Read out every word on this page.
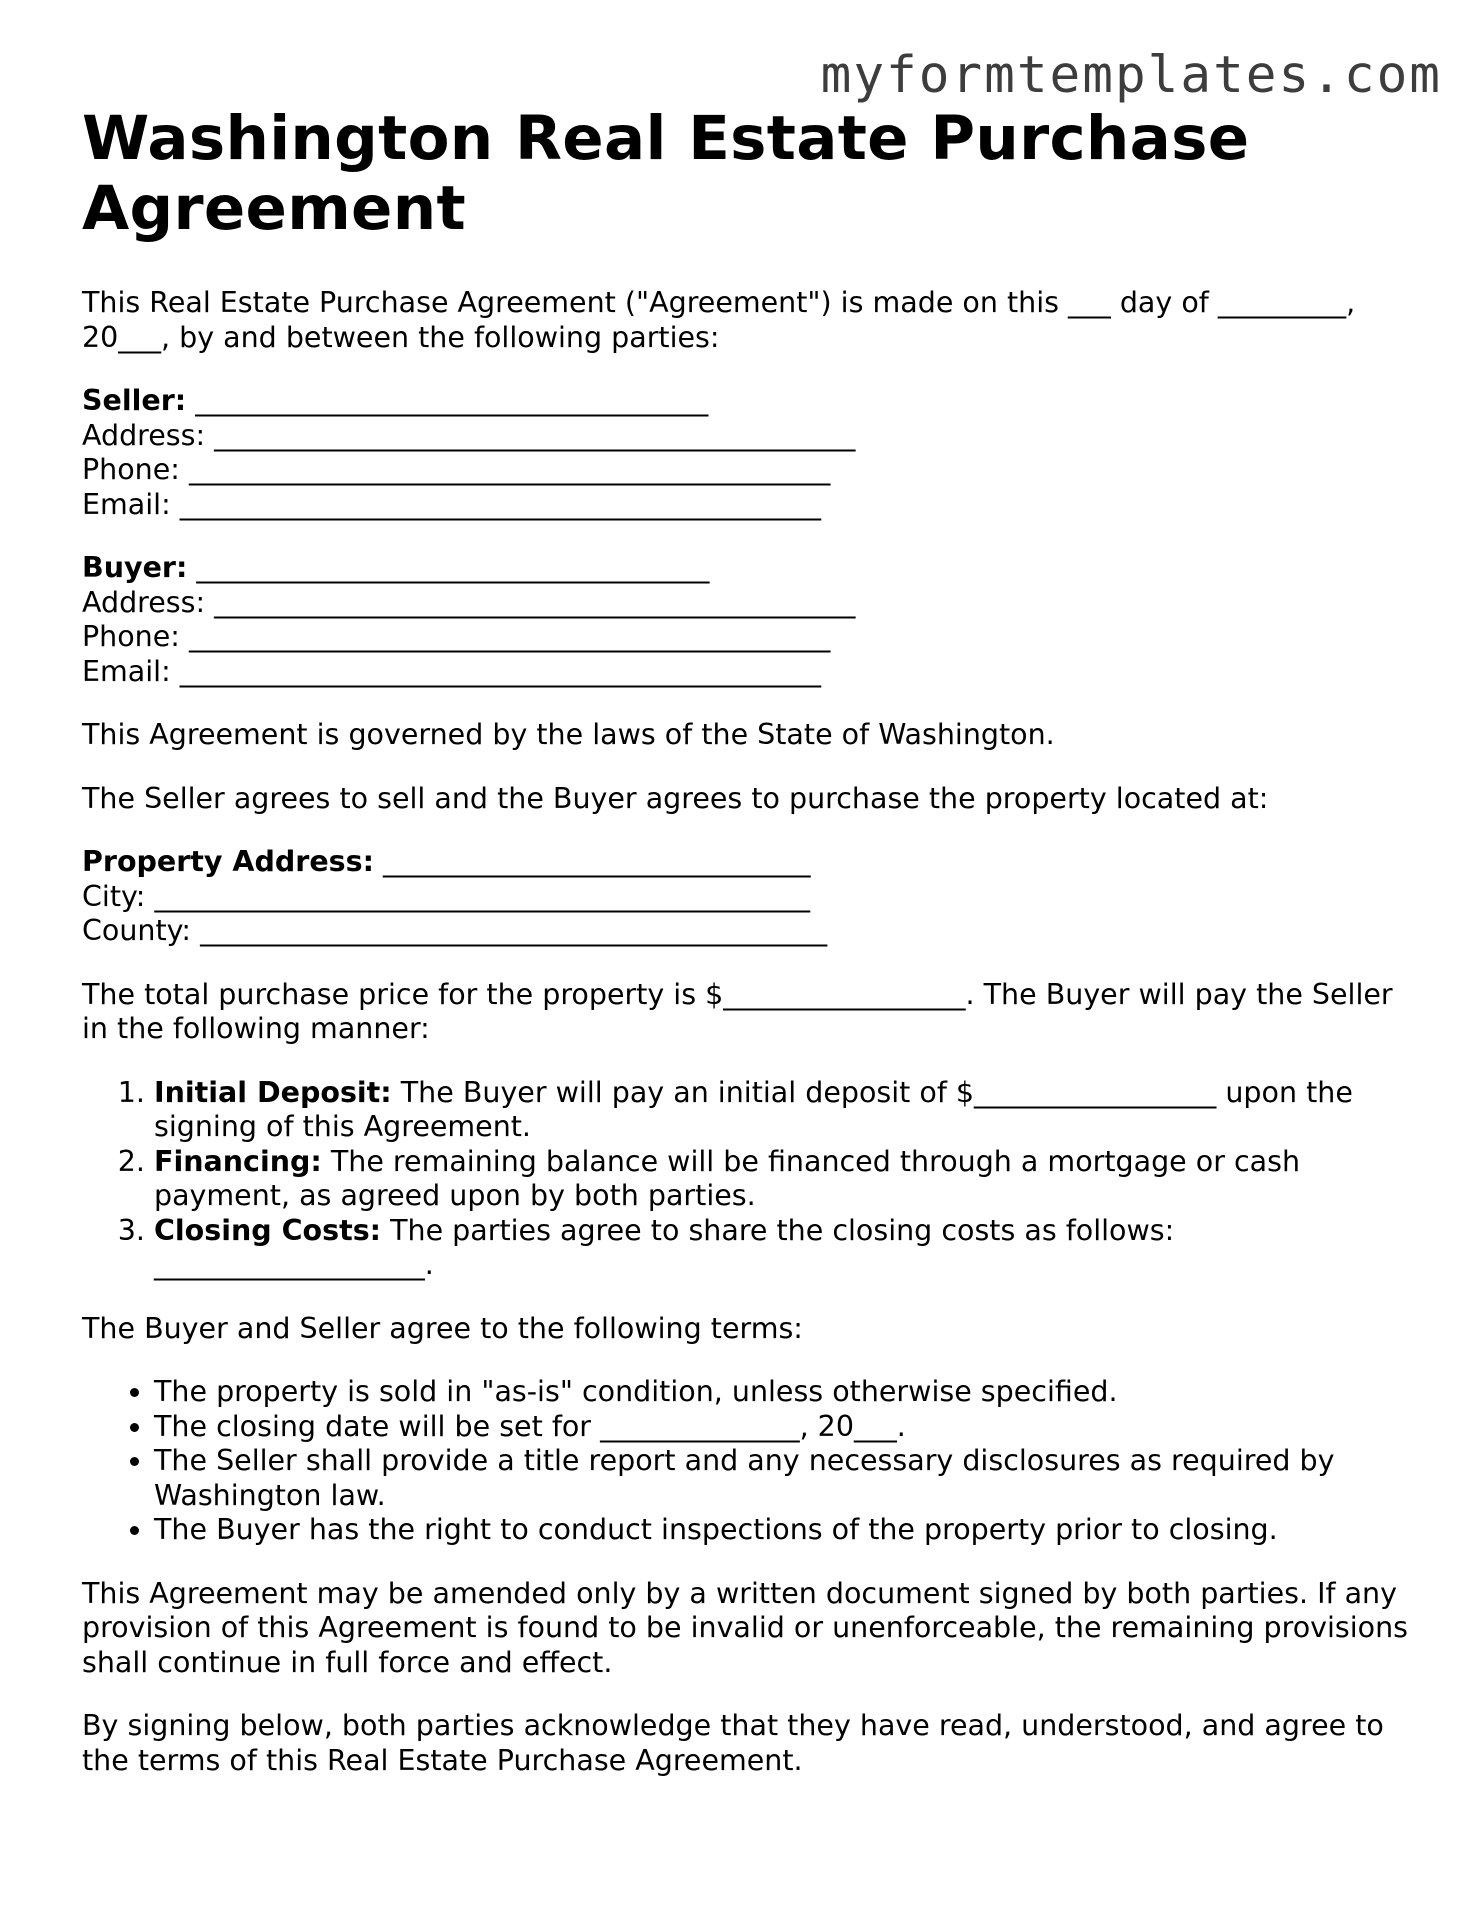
myformtemplates.com
Washington Real Estate Purchase Agreement

This Real Estate Purchase Agreement ("Agreement") is made on this ___ day of _________, 20___, by and between the following parties:

Seller: ____________________________________
Address: _____________________________________________
Phone: _____________________________________________
Email: _____________________________________________
Buyer: ____________________________________
Address: _____________________________________________
Phone: _____________________________________________
Email: _____________________________________________

This Agreement is governed by the laws of the State of Washington.

The Seller agrees to sell and the Buyer agrees to purchase the property located at:

Property Address: ______________________________
City: ______________________________________________
County: ____________________________________________

The total purchase price for the property is $_________________. The Buyer will pay the Seller in the following manner:

1. Initial Deposit: The Buyer will pay an initial deposit of $_________________ upon the signing of this Agreement.
2. Financing: The remaining balance will be financed through a mortgage or cash payment, as agreed upon by both parties.
3. Closing Costs: The parties agree to share the closing costs as follows: ___________________.

The Buyer and Seller agree to the following terms:

• The property is sold in "as-is" condition, unless otherwise specified.
• The closing date will be set for ______________, 20___.
• The Seller shall provide a title report and any necessary disclosures as required by Washington law.
• The Buyer has the right to conduct inspections of the property prior to closing.

This Agreement may be amended only by a written document signed by both parties. If any provision of this Agreement is found to be invalid or unenforceable, the remaining provisions shall continue in full force and effect.

By signing below, both parties acknowledge that they have read, understood, and agree to the terms of this Real Estate Purchase Agreement.
